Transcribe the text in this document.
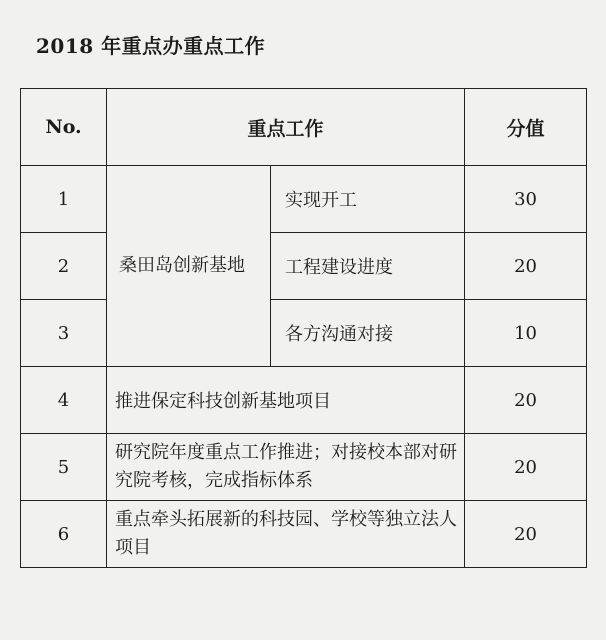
2018 年重点办重点工作
No.	重点工作		分值
1	桑田岛创新基地	实现开工	30
2		工程建设进度	20
3		各方沟通对接	10
4	推进保定科技创新基地项目		20
5	研究院年度重点工作推进；对接校本部对研究院考核，完成指标体系		20
6	重点牵头拓展新的科技园、学校等独立法人项目		20
